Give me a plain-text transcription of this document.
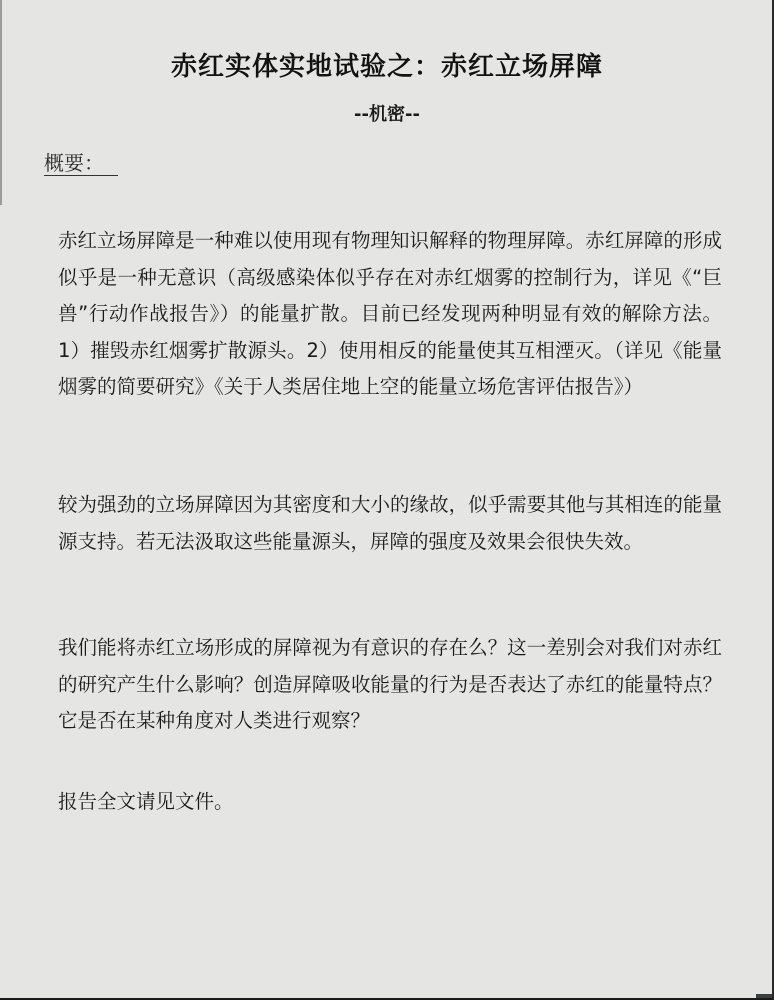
赤红实体实地试验之：赤红立场屏障
--机密--
概要：

赤红立场屏障是一种难以使用现有物理知识解释的物理屏障。赤红屏障的形成似乎是一种无意识（高级感染体似乎存在对赤红烟雾的控制行为，详见《“巨兽”行动作战报告》）的能量扩散。目前已经发现两种明显有效的解除方法。1）摧毁赤红烟雾扩散源头。2）使用相反的能量使其互相湮灭。（详见《能量烟雾的简要研究》《关于人类居住地上空的能量立场危害评估报告》）

较为强劲的立场屏障因为其密度和大小的缘故，似乎需要其他与其相连的能量源支持。若无法汲取这些能量源头，屏障的强度及效果会很快失效。

我们能将赤红立场形成的屏障视为有意识的存在么？这一差别会对我们对赤红的研究产生什么影响？创造屏障吸收能量的行为是否表达了赤红的能量特点？它是否在某种角度对人类进行观察？

报告全文请见文件。
